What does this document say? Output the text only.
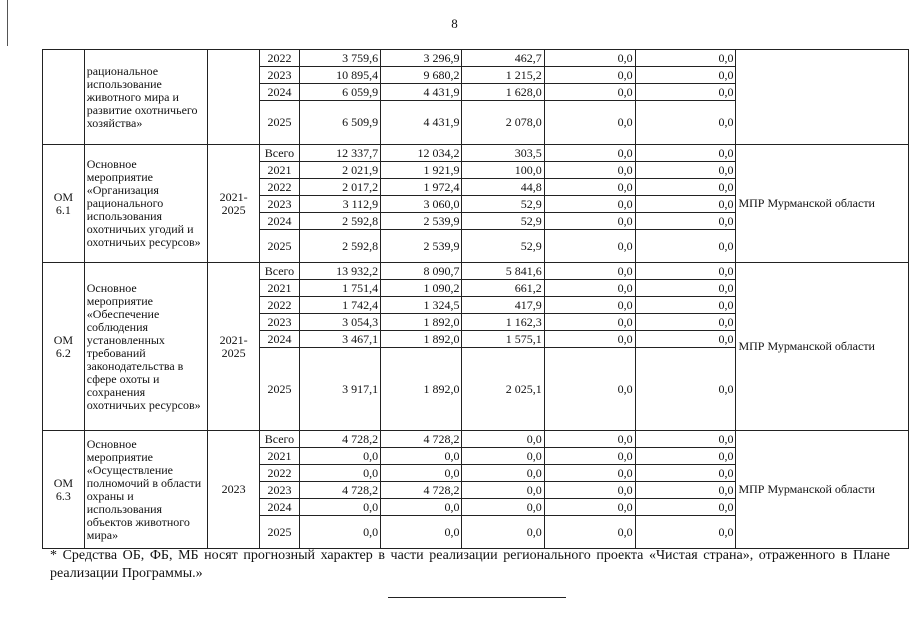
8
	рациональное использование животного мира и развитие охотничьего хозяйства»		2022	3 759,6	3 296,9	462,7	0,0	0,0	
			2023	10 895,4	9 680,2	1 215,2	0,0	0,0	
			2024	6 059,9	4 431,9	1 628,0	0,0	0,0	
			2025	6 509,9	4 431,9	2 078,0	0,0	0,0	
ОМ 6.1	Основное мероприятие «Организация рационального использования охотничьих угодий и охотничьих ресурсов»	2021-2025	Всего	12 337,7	12 034,2	303,5	0,0	0,0	МПР Мурманской области
			2021	2 021,9	1 921,9	100,0	0,0	0,0	
			2022	2 017,2	1 972,4	44,8	0,0	0,0	
			2023	3 112,9	3 060,0	52,9	0,0	0,0	
			2024	2 592,8	2 539,9	52,9	0,0	0,0	
			2025	2 592,8	2 539,9	52,9	0,0	0,0	
ОМ 6.2	Основное мероприятие «Обеспечение соблюдения установленных требований законодательства в сфере охоты и сохранения охотничьих ресурсов»	2021-2025	Всего	13 932,2	8 090,7	5 841,6	0,0	0,0	МПР Мурманской области
			2021	1 751,4	1 090,2	661,2	0,0	0,0	
			2022	1 742,4	1 324,5	417,9	0,0	0,0	
			2023	3 054,3	1 892,0	1 162,3	0,0	0,0	
			2024	3 467,1	1 892,0	1 575,1	0,0	0,0	
			2025	3 917,1	1 892,0	2 025,1	0,0	0,0	
ОМ 6.3	Основное мероприятие «Осуществление полномочий в области охраны и использования объектов животного мира»	2023	Всего	4 728,2	4 728,2	0,0	0,0	0,0	МПР Мурманской области
			2021	0,0	0,0	0,0	0,0	0,0	
			2022	0,0	0,0	0,0	0,0	0,0	
			2023	4 728,2	4 728,2	0,0	0,0	0,0	
			2024	0,0	0,0	0,0	0,0	0,0	
			2025	0,0	0,0	0,0	0,0	0,0	
* Средства ОБ, ФБ, МБ носят прогнозный характер в части реализации регионального проекта «Чистая страна», отраженного в Плане реализации Программы.»
